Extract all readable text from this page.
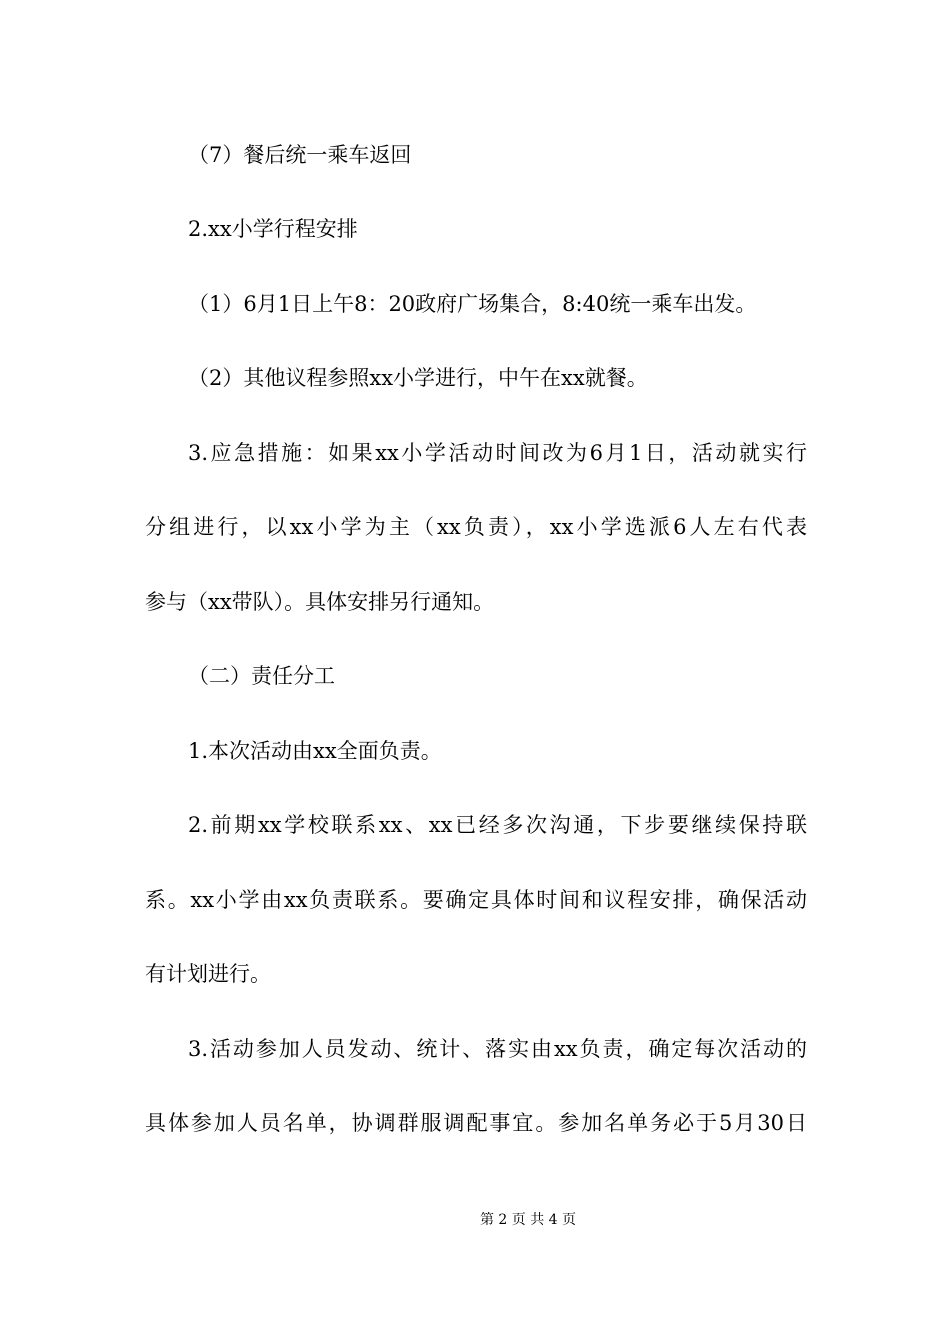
（7）餐后统一乘车返回
2.xx小学行程安排
（1）6月1日上午8：20政府广场集合，8:40统一乘车出发。
（2）其他议程参照xx小学进行，中午在xx就餐。
3.应急措施：如果xx小学活动时间改为6月1日，活动就实行
分组进行，以xx小学为主（xx负责），xx小学选派6人左右代表
参与（xx带队）。具体安排另行通知。
（二）责任分工
1.本次活动由xx全面负责。
2.前期xx学校联系xx、xx已经多次沟通，下步要继续保持联
系。xx小学由xx负责联系。要确定具体时间和议程安排，确保活动
有计划进行。
3.活动参加人员发动、统计、落实由xx负责，确定每次活动的
具体参加人员名单，协调群服调配事宜。参加名单务必于5月30日
第 2 页 共 4 页
